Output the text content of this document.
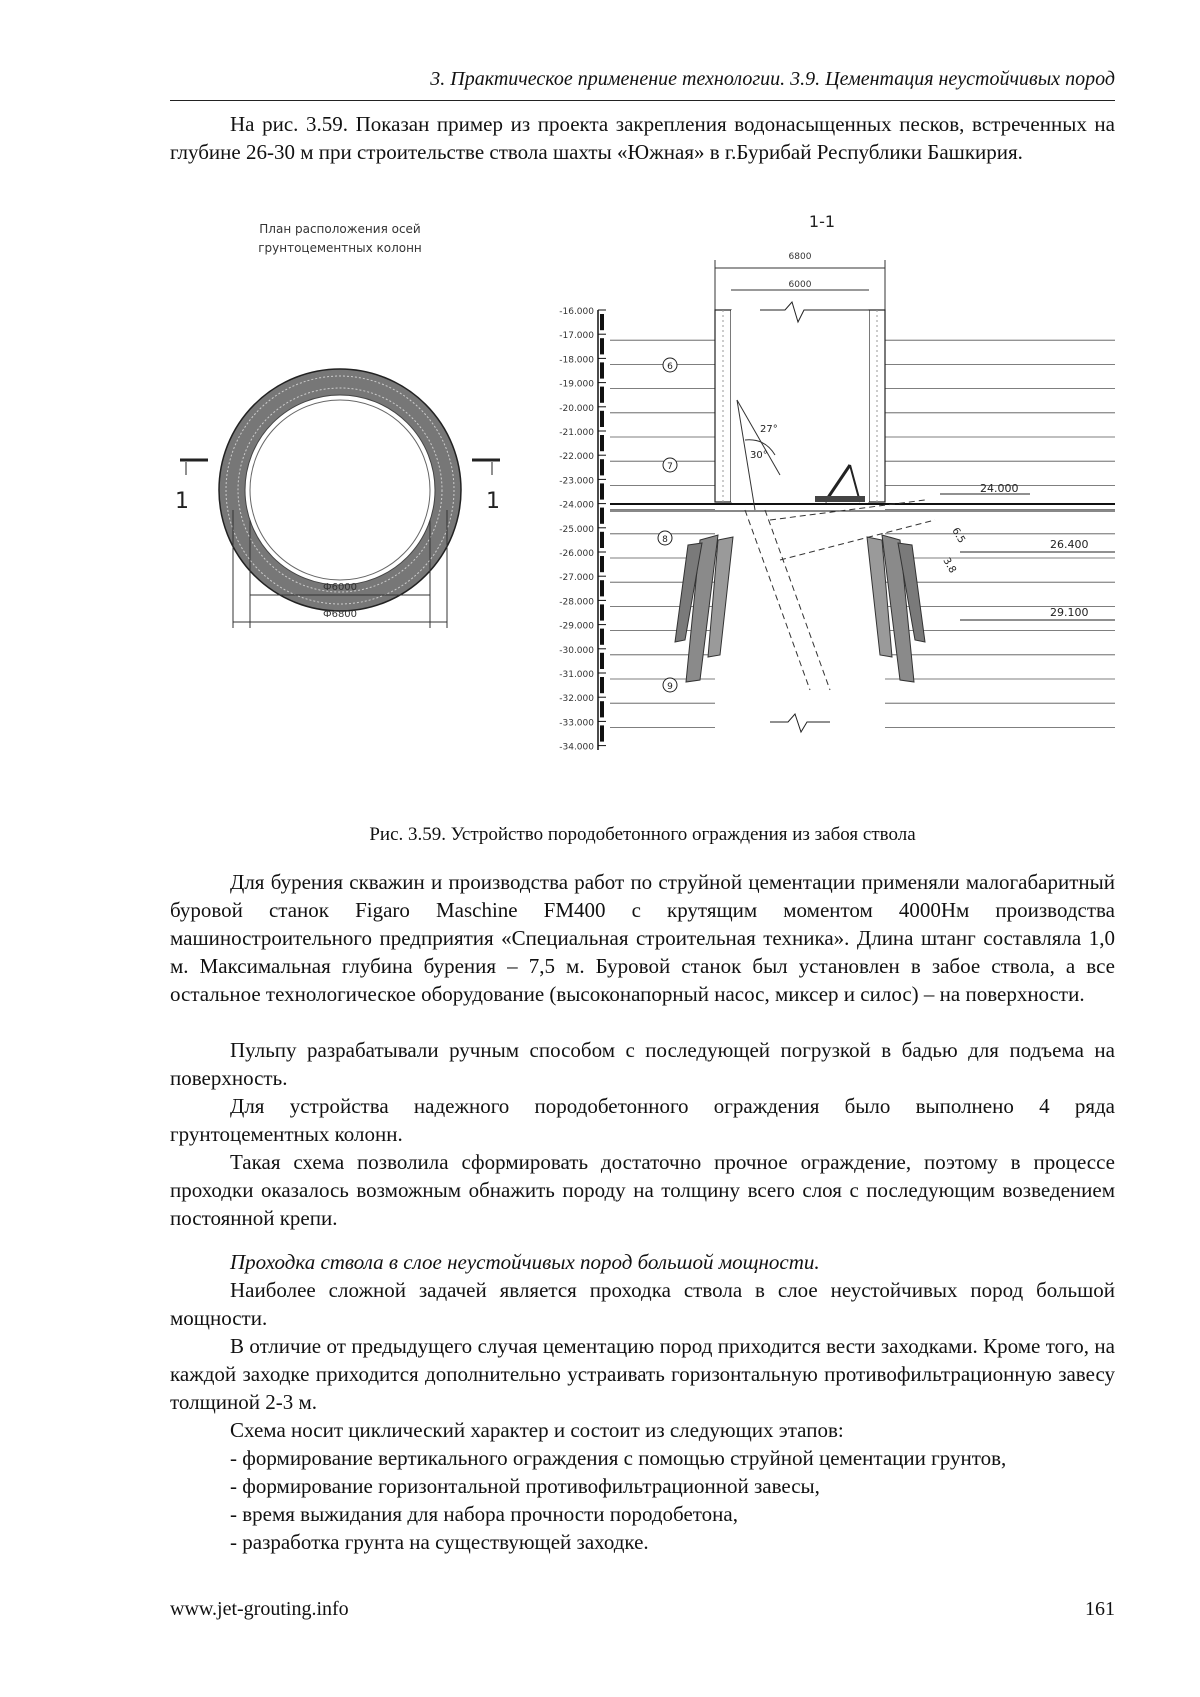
3. Практическое применение технологии. 3.9. Цементация неустойчивых пород

На рис. 3.59. Показан пример из проекта закрепления водонасыщенных песков, встреченных на глубине 26-30 м при строительстве ствола шахты «Южная» в г.Бурибай Республики Башкирия.

План расположения осей
грунтоцементных колонн
1	1
Ф6000
Ф6800
1-1
6800
6000
-16.000
-17.000
-18.000
-19.000
-20.000
-21.000
-22.000
-23.000
-24.000
-25.000
-26.000
-27.000
-28.000
-29.000
-30.000
-31.000
-32.000
-33.000
-34.000
27°
30°
6.5
3.8
24.000
26.400
29.100
6
7
8
9
Рис. 3.59. Устройство породобетонного ограждения из забоя ствола

Для бурения скважин и производства работ по струйной цементации применяли малогабаритный буровой станок Figaro Maschine FM400 с крутящим моментом 4000Нм производства машиностроительного предприятия «Специальная строительная техника». Длина штанг составляла 1,0 м. Максимальная глубина бурения – 7,5 м. Буровой станок был установлен в забое ствола, а все остальное технологическое оборудование (высоконапорный насос, миксер и силос) – на поверхности.

Пульпу разрабатывали ручным способом с последующей погрузкой в бадью для подъема на поверхность.

Для устройства надежного породобетонного ограждения было выполнено 4 ряда грунтоцементных колонн.

Такая схема позволила сформировать достаточно прочное ограждение, поэтому в процессе проходки оказалось возможным обнажить породу на толщину всего слоя с последующим возведением постоянной крепи.

Проходка ствола в слое неустойчивых пород большой мощности.

Наиболее сложной задачей является проходка ствола в слое неустойчивых пород большой мощности.

В отличие от предыдущего случая цементацию пород приходится вести заходками. Кроме того, на каждой заходке приходится дополнительно устраивать горизонтальную противофильтрационную завесу толщиной 2-3 м.

Схема носит циклический характер и состоит из следующих этапов:

- формирование вертикального ограждения с помощью струйной цементации грунтов,

- формирование горизонтальной противофильтрационной завесы,

- время выжидания для набора прочности породобетона,

- разработка грунта на существующей заходке.

www.jet-grouting.info	161
